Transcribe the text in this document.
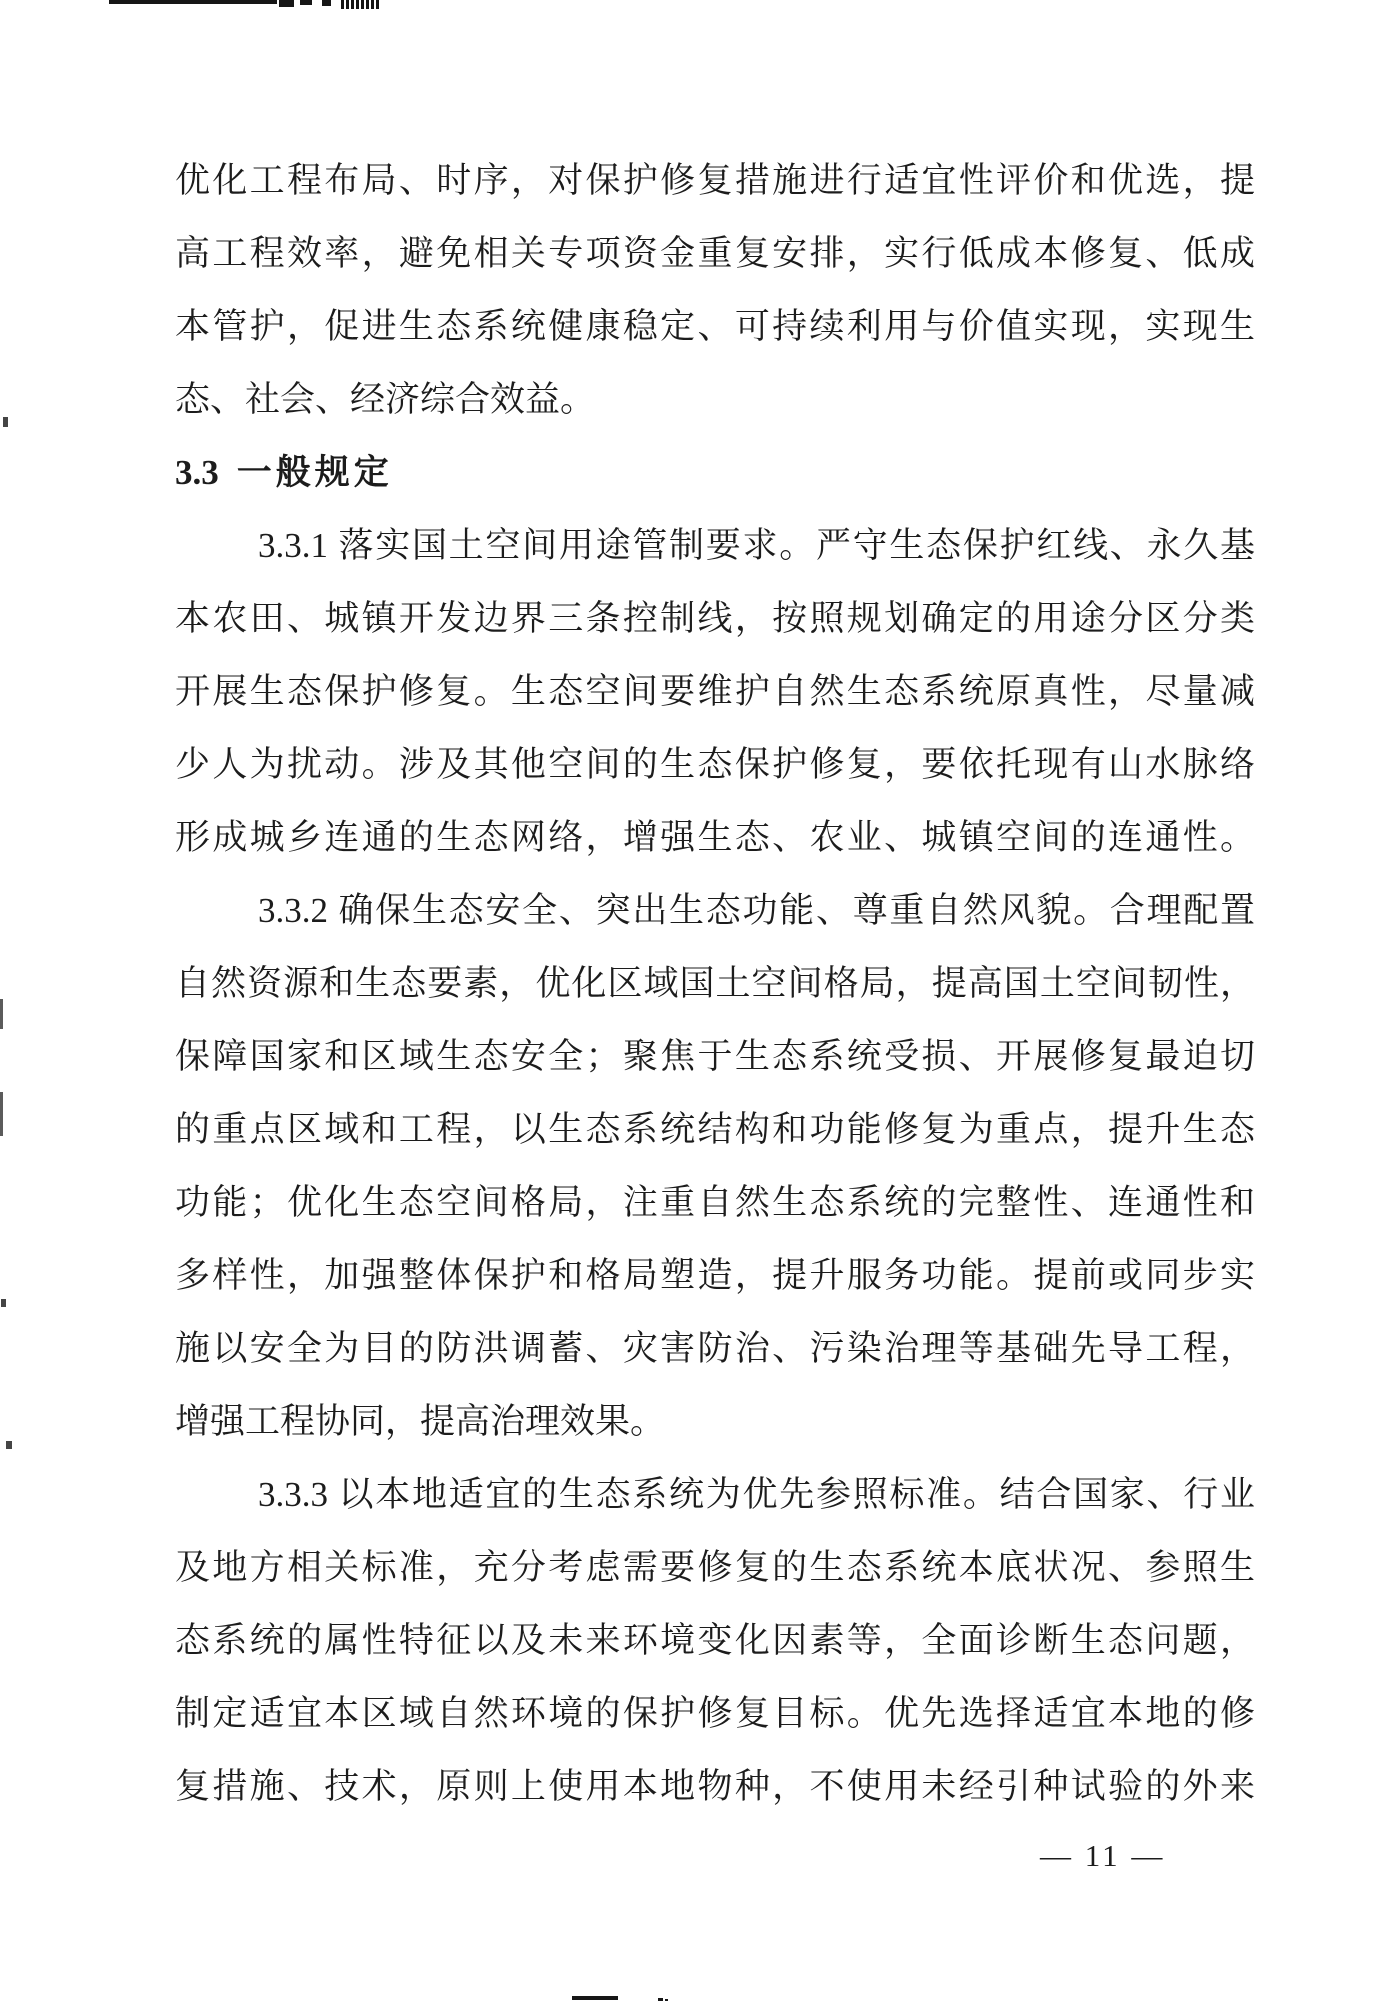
优化工程布局、时序，对保护修复措施进行适宜性评价和优选，提
高工程效率，避免相关专项资金重复安排，实行低成本修复、低成
本管护，促进生态系统健康稳定、可持续利用与价值实现，实现生
态、社会、经济综合效益。
3.3 一般规定
3.3.1 落实国土空间用途管制要求。严守生态保护红线、永久基
本农田、城镇开发边界三条控制线，按照规划确定的用途分区分类
开展生态保护修复。生态空间要维护自然生态系统原真性，尽量减
少人为扰动。涉及其他空间的生态保护修复，要依托现有山水脉络
形成城乡连通的生态网络，增强生态、农业、城镇空间的连通性。
3.3.2 确保生态安全、突出生态功能、尊重自然风貌。合理配置
自然资源和生态要素，优化区域国土空间格局，提高国土空间韧性，
保障国家和区域生态安全；聚焦于生态系统受损、开展修复最迫切
的重点区域和工程，以生态系统结构和功能修复为重点，提升生态
功能；优化生态空间格局，注重自然生态系统的完整性、连通性和
多样性，加强整体保护和格局塑造，提升服务功能。提前或同步实
施以安全为目的防洪调蓄、灾害防治、污染治理等基础先导工程，
增强工程协同，提高治理效果。
3.3.3 以本地适宜的生态系统为优先参照标准。结合国家、行业
及地方相关标准，充分考虑需要修复的生态系统本底状况、参照生
态系统的属性特征以及未来环境变化因素等，全面诊断生态问题，
制定适宜本区域自然环境的保护修复目标。优先选择适宜本地的修
复措施、技术，原则上使用本地物种，不使用未经引种试验的外来
— 11 —
